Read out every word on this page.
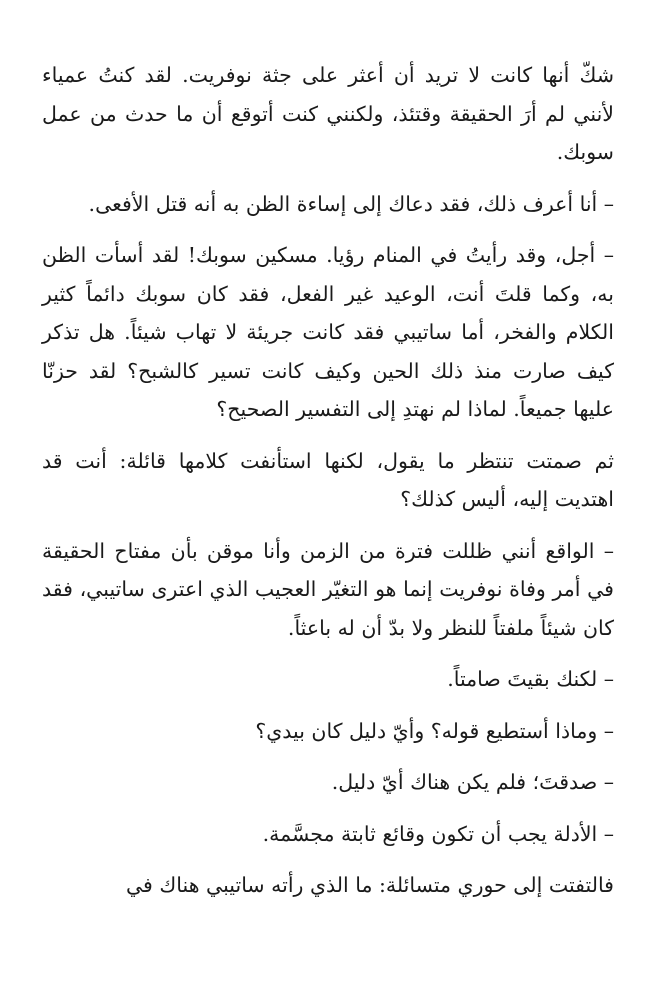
شكّ أنها كانت لا تريد أن أعثر على جثة نوفريت. لقد كنتُ عمياء لأنني لم أرَ الحقيقة وقتئذ، ولكنني كنت أتوقع أن ما حدث من عمل سوبك.

– أنا أعرف ذلك، فقد دعاك إلى إساءة الظن به أنه قتل الأفعى.

– أجل، وقد رأيتُ في المنام رؤيا. مسكين سوبك! لقد أسأت الظن به، وكما قلتَ أنت، الوعيد غير الفعل، فقد كان سوبك دائماً كثير الكلام والفخر، أما ساتيبي فقد كانت جريئة لا تهاب شيئاً. هل تذكر كيف صارت منذ ذلك الحين وكيف كانت تسير كالشبح؟ لقد حزنّا عليها جميعاً. لماذا لم نهتدِ إلى التفسير الصحيح؟

ثم صمتت تنتظر ما يقول، لكنها استأنفت كلامها قائلة: أنت قد اهتديت إليه، أليس كذلك؟

– الواقع أنني ظللت فترة من الزمن وأنا موقن بأن مفتاح الحقيقة في أمر وفاة نوفريت إنما هو التغيّر العجيب الذي اعترى ساتيبي، فقد كان شيئاً ملفتاً للنظر ولا بدّ أن له باعثاً.

– لكنك بقيتَ صامتاً.

– وماذا أستطيع قوله؟ وأيّ دليل كان بيدي؟

– صدقتَ؛ فلم يكن هناك أيّ دليل.

– الأدلة يجب أن تكون وقائع ثابتة مجسَّمة.

فالتفتت إلى حوري متسائلة: ما الذي رأته ساتيبي هناك في
